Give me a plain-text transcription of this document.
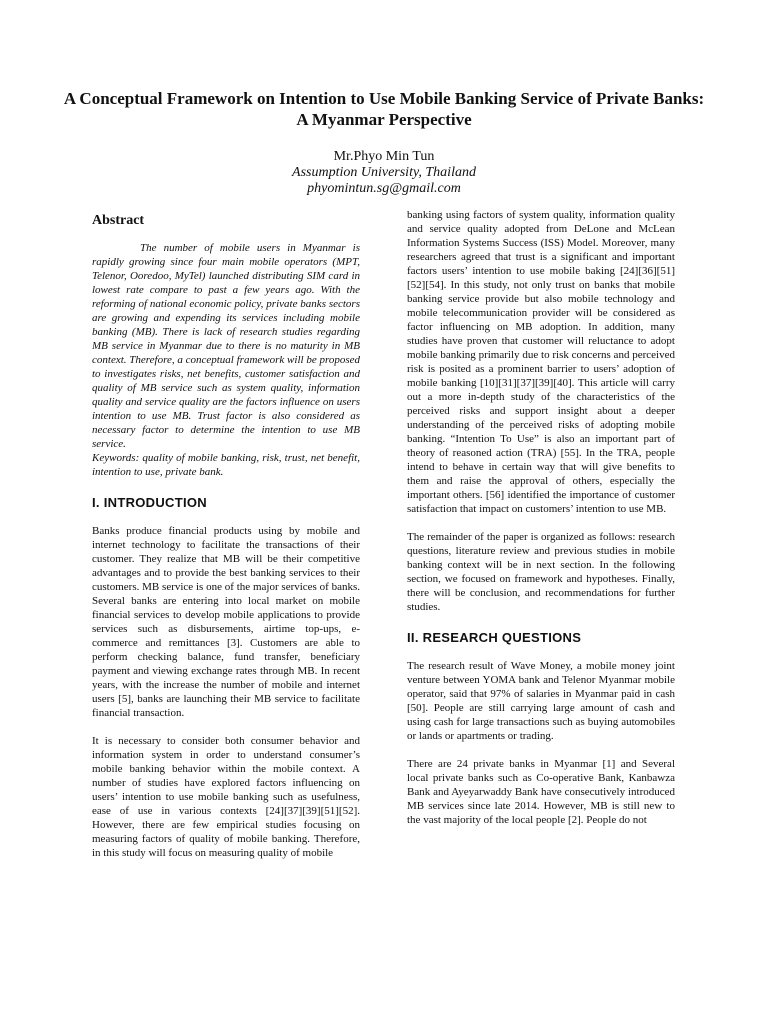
A Conceptual Framework on Intention to Use Mobile Banking Service of Private Banks: A Myanmar Perspective
Mr.Phyo Min Tun
Assumption University, Thailand
phyomintun.sg@gmail.com
Abstract

The number of mobile users in Myanmar is rapidly growing since four main mobile operators (MPT, Telenor, Ooredoo, MyTel) launched distributing SIM card in lowest rate compare to past a few years ago. With the reforming of national economic policy, private banks sectors are growing and expending its services including mobile banking (MB). There is lack of research studies regarding MB service in Myanmar due to there is no maturity in MB context. Therefore, a conceptual framework will be proposed to investigates risks, net benefits, customer satisfaction and quality of MB service such as system quality, information quality and service quality are the factors influence on users intention to use MB. Trust factor is also considered as necessary factor to determine the intention to use MB service.

Keywords: quality of mobile banking, risk, trust, net benefit, intention to use, private bank.

I. INTRODUCTION

Banks produce financial products using by mobile and internet technology to facilitate the transactions of their customer. They realize that MB will be their competitive advantages and to provide the best banking services to their customers. MB service is one of the major services of banks. Several banks are entering into local market on mobile financial services to develop mobile applications to provide services such as disbursements, airtime top-ups, e-commerce and remittances [3]. Customers are able to perform checking balance, fund transfer, beneficiary payment and viewing exchange rates through MB. In recent years, with the increase the number of mobile and internet users [5], banks are launching their MB service to facilitate financial transaction.

It is necessary to consider both consumer behavior and information system in order to understand consumer’s mobile banking behavior within the mobile context. A number of studies have explored factors influencing on users’ intention to use mobile banking such as usefulness, ease of use in various contexts [24][37][39][51][52]. However, there are few empirical studies focusing on measuring factors of quality of mobile banking. Therefore, in this study will focus on measuring quality of mobile

banking using factors of system quality, information quality and service quality adopted from DeLone and McLean Information Systems Success (ISS) Model. Moreover, many researchers agreed that trust is a significant and important factors users’ intention to use mobile baking [24][36][51][52][54]. In this study, not only trust on banks that mobile banking service provide but also mobile technology and mobile telecommunication provider will be considered as factor influencing on MB adoption. In addition, many studies have proven that customer will reluctance to adopt mobile banking primarily due to risk concerns and perceived risk is posited as a prominent barrier to users’ adoption of mobile banking [10][31][37][39][40]. This article will carry out a more in-depth study of the characteristics of the perceived risks and support insight about a deeper understanding of the perceived risks of adopting mobile banking. “Intention To Use” is also an important part of theory of reasoned action (TRA) [55]. In the TRA, people intend to behave in certain way that will give benefits to them and raise the approval of others, especially the important others. [56] identified the importance of customer satisfaction that impact on customers’ intention to use MB.

The remainder of the paper is organized as follows: research questions, literature review and previous studies in mobile banking context will be in next section. In the following section, we focused on framework and hypotheses. Finally, there will be conclusion, and recommendations for further studies.

II. RESEARCH QUESTIONS

The research result of Wave Money, a mobile money joint venture between YOMA bank and Telenor Myanmar mobile operator, said that 97% of salaries in Myanmar paid in cash [50]. People are still carrying large amount of cash and using cash for large transactions such as buying automobiles or lands or apartments or trading.

There are 24 private banks in Myanmar [1] and Several local private banks such as Co-operative Bank, Kanbawza Bank and Ayeyarwaddy Bank have consecutively introduced MB services since late 2014. However, MB is still new to the vast majority of the local people [2]. People do not
